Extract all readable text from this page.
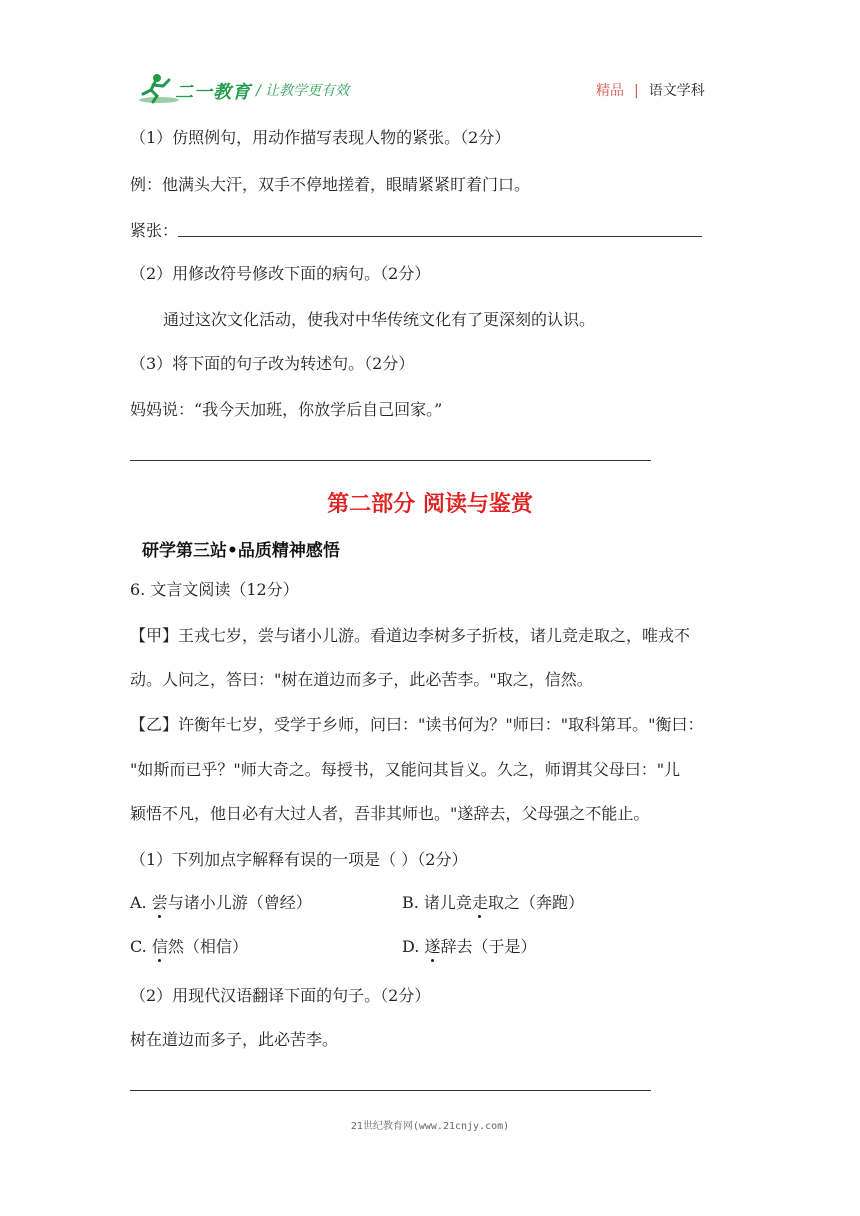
二一教育 / 让教学更有效	精品 | 语文学科
（1）仿照例句，用动作描写表现人物的紧张。（2分）
例：他满头大汗，双手不停地搓着，眼睛紧紧盯着门口。
紧张：
（2）用修改符号修改下面的病句。（2分）
通过这次文化活动，使我对中华传统文化有了更深刻的认识。
（3）将下面的句子改为转述句。（2分）
妈妈说：“我今天加班，你放学后自己回家。”
第二部分 阅读与鉴赏
研学第三站•品质精神感悟
6. 文言文阅读（12分）
【甲】王戎七岁，尝与诸小儿游。看道边李树多子折枝，诸儿竞走取之，唯戎不
动。人问之，答曰："树在道边而多子，此必苦李。"取之，信然。
【乙】许衡年七岁，受学于乡师，问曰："读书何为？"师曰："取科第耳。"衡曰：
"如斯而已乎？"师大奇之。每授书，又能问其旨义。久之，师谓其父母曰："儿
颖悟不凡，他日必有大过人者，吾非其师也。"遂辞去，父母强之不能止。
（1）下列加点字解释有误的一项是（ ）（2分）
A. 尝与诸小儿游（曾经）	B. 诸儿竞走取之（奔跑）
C. 信然（相信）	D. 遂辞去（于是）
（2）用现代汉语翻译下面的句子。（2分）
树在道边而多子，此必苦李。
21世纪教育网(www.21cnjy.com)
